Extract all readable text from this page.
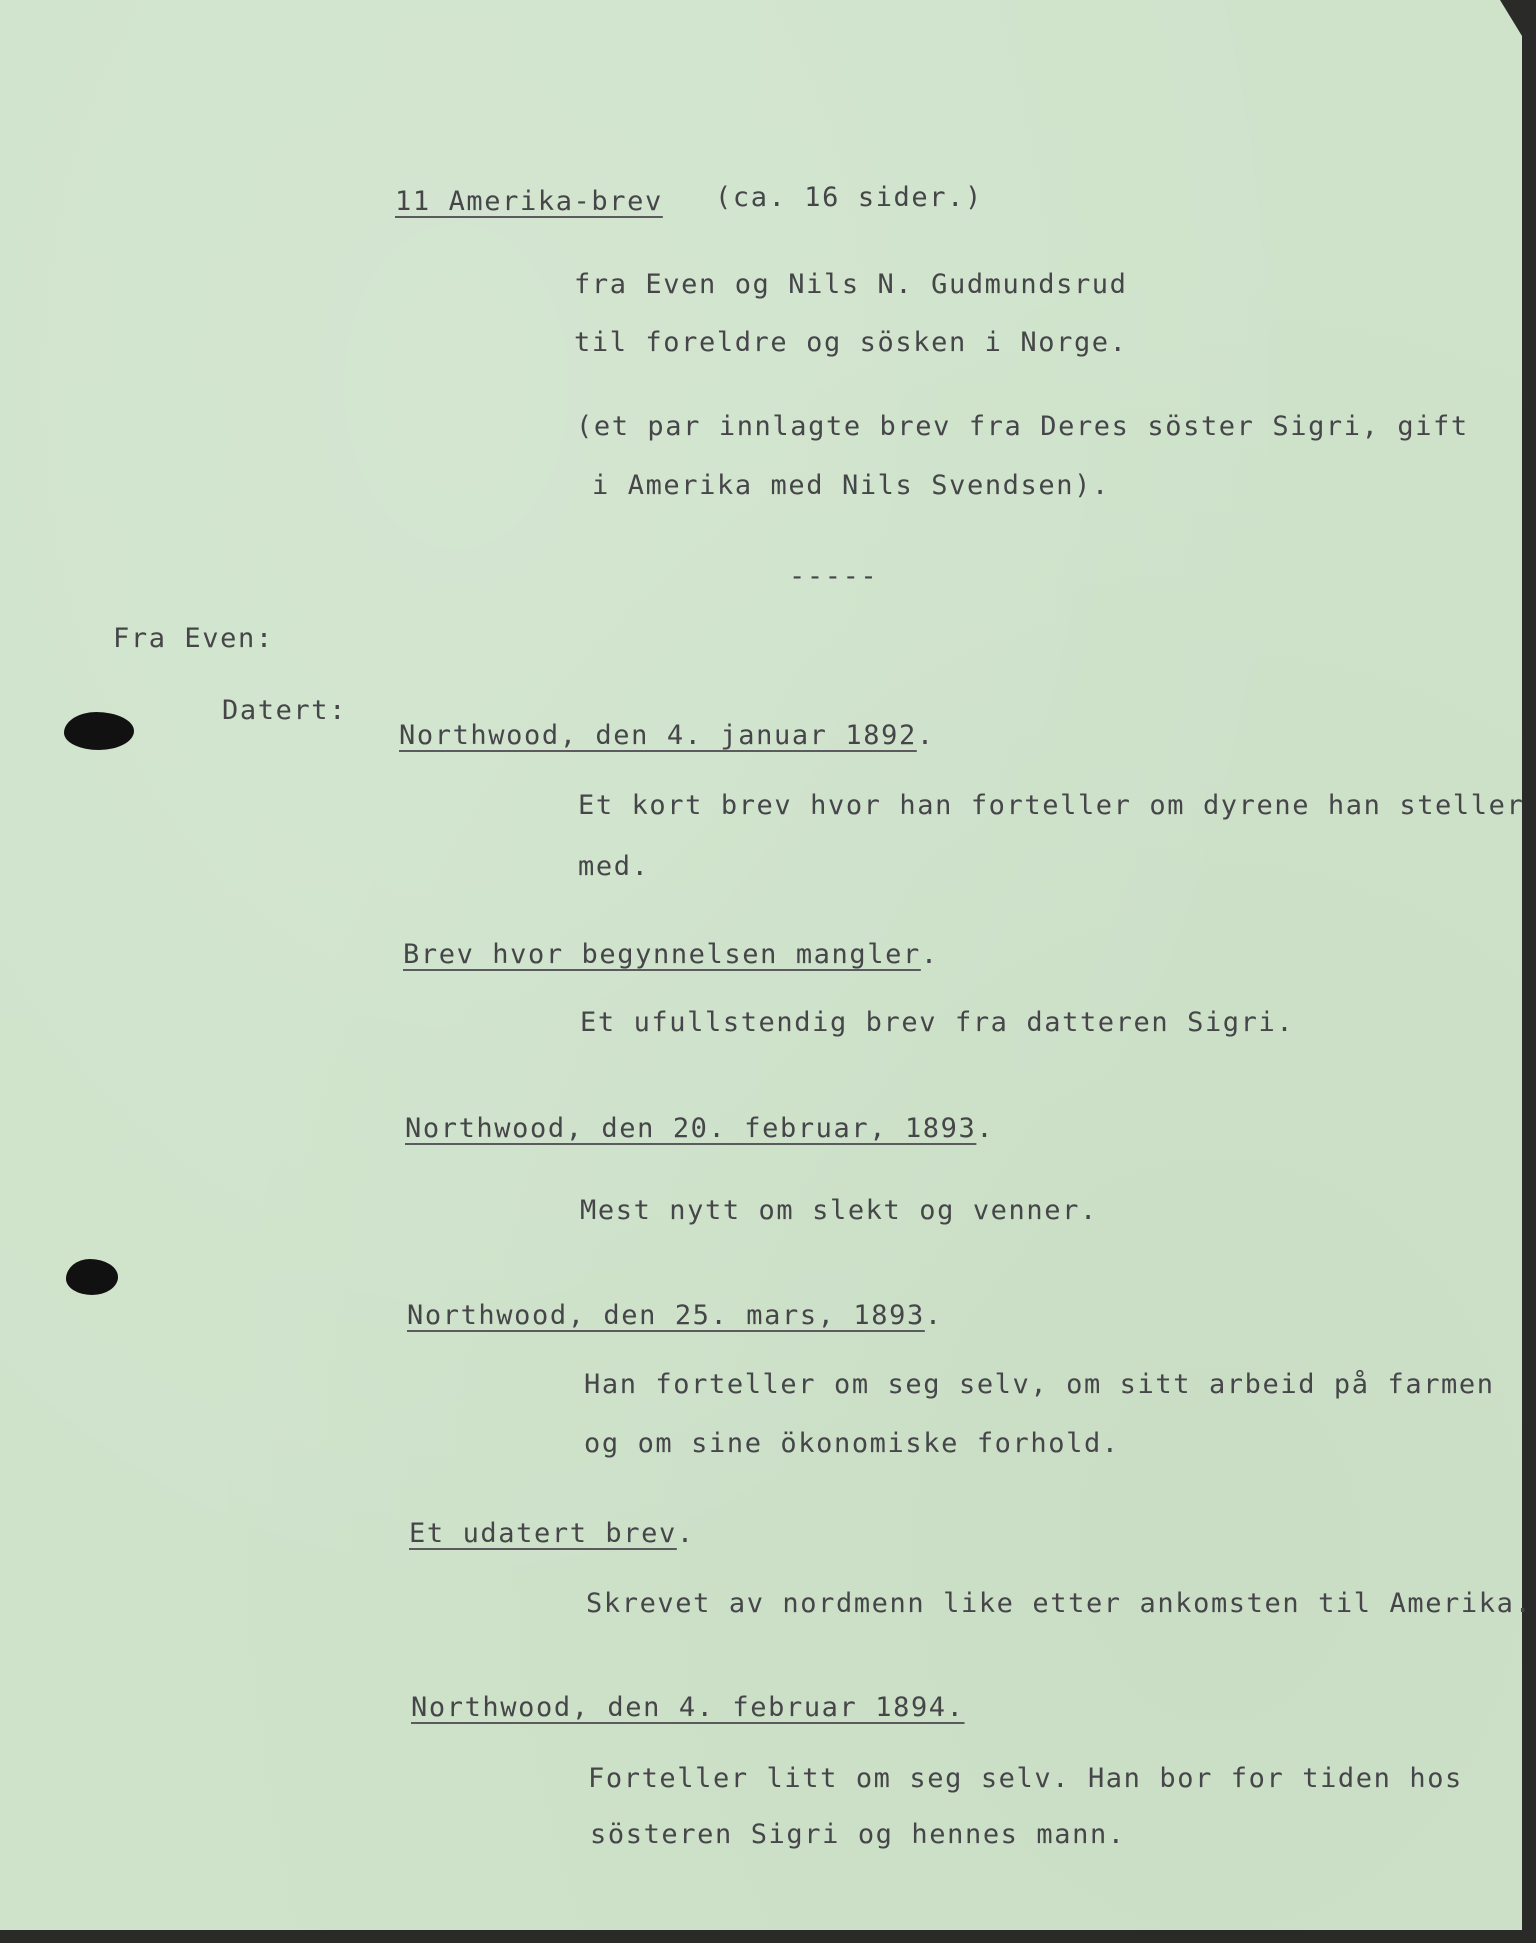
11 Amerika-brev (ca. 16 sider.)

fra Even og Nils N. Gudmundsrud

til foreldre og sösken i Norge.

(et par innlagte brev fra Deres söster Sigri, gift

i Amerika med Nils Svendsen).

-----

Fra Even:

Datert:

Northwood, den 4. januar 1892.

Et kort brev hvor han forteller om dyrene han steller

med.

Brev hvor begynnelsen mangler.

Et ufullstendig brev fra datteren Sigri.

Northwood, den 20. februar, 1893.

Mest nytt om slekt og venner.

Northwood, den 25. mars, 1893.

Han forteller om seg selv, om sitt arbeid på farmen

og om sine ökonomiske forhold.

Et udatert brev.

Skrevet av nordmenn like etter ankomsten til Amerika.

Northwood, den 4. februar 1894.

Forteller litt om seg selv. Han bor for tiden hos

sösteren Sigri og hennes mann.
